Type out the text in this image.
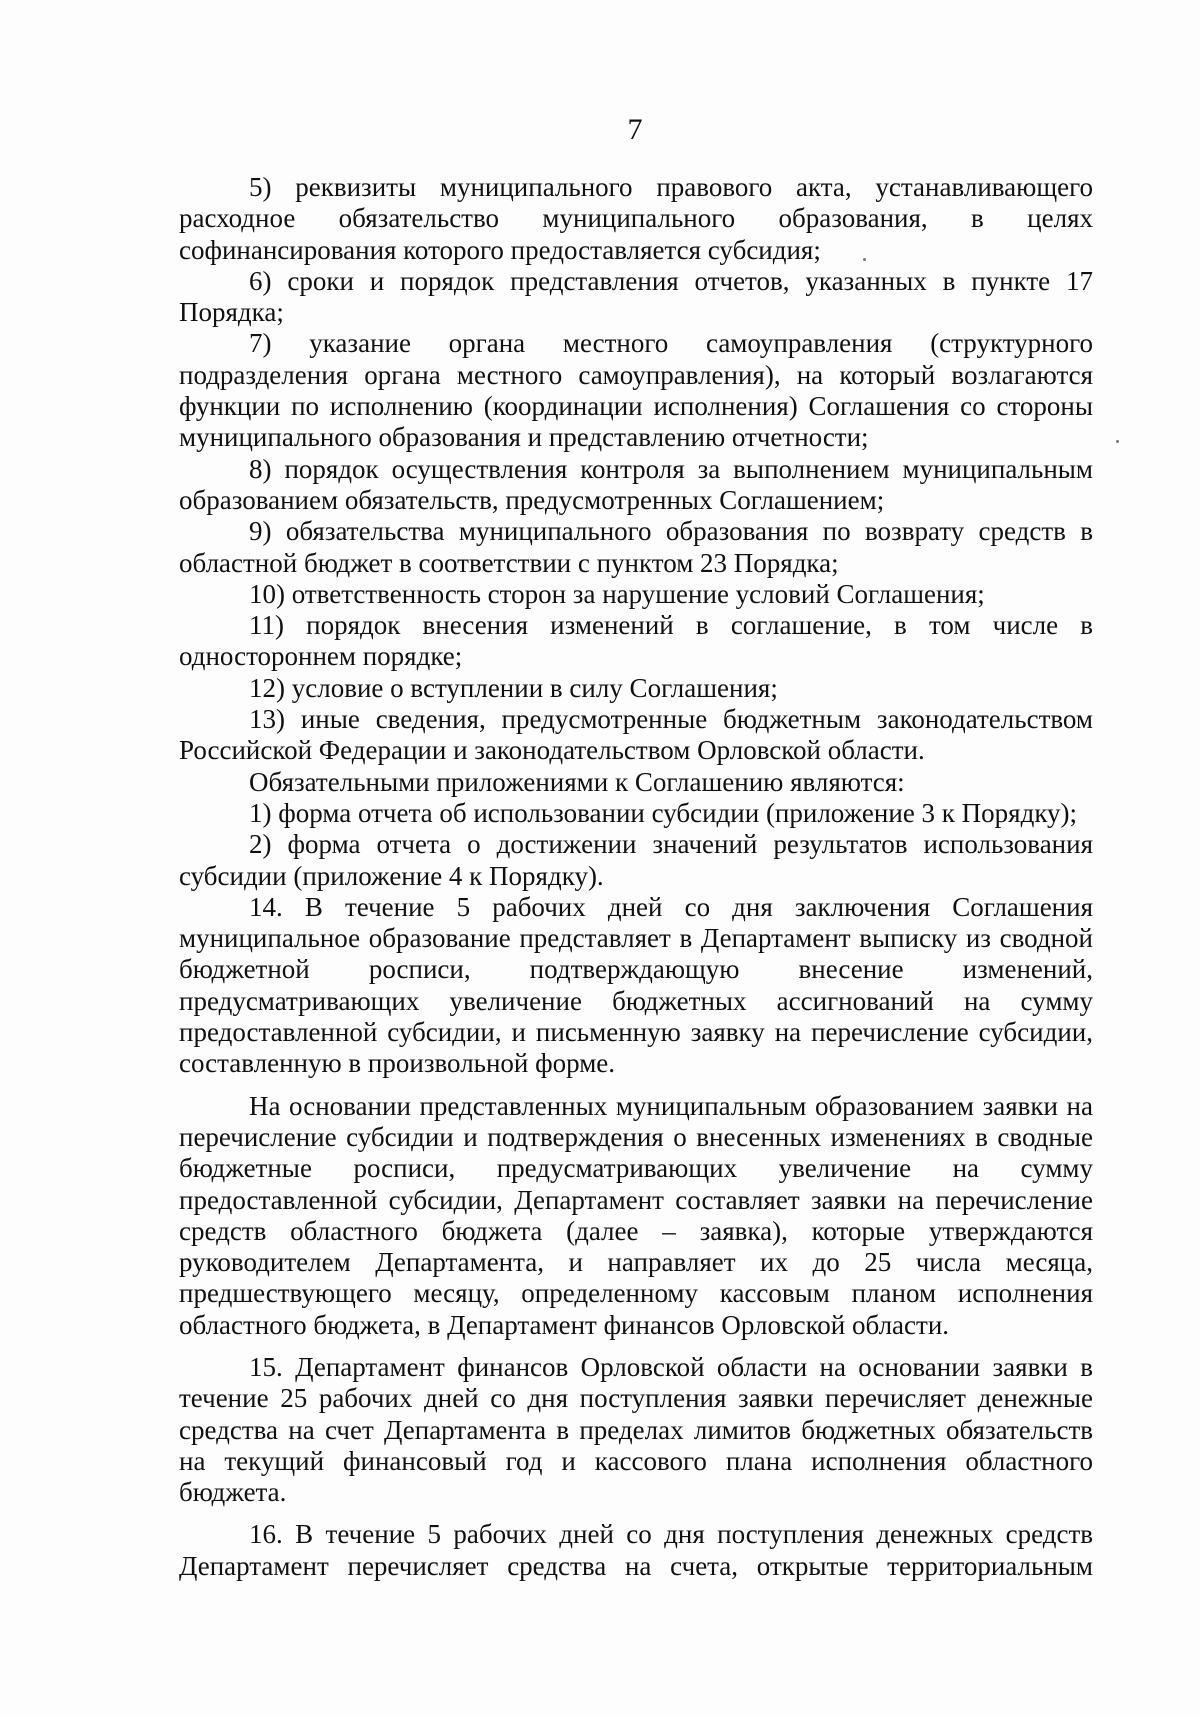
7

5) реквизиты муниципального правового акта, устанавливающего расходное обязательство муниципального образования, в целях софинансирования которого предоставляется субсидия;

6) сроки и порядок представления отчетов, указанных в пункте 17 Порядка;

7) указание органа местного самоуправления (структурного подразделения органа местного самоуправления), на который возлагаются функции по исполнению (координации исполнения) Соглашения со стороны муниципального образования и представлению отчетности;

8) порядок осуществления контроля за выполнением муниципальным образованием обязательств, предусмотренных Соглашением;

9) обязательства муниципального образования по возврату средств в областной бюджет в соответствии с пунктом 23 Порядка;

10) ответственность сторон за нарушение условий Соглашения;

11) порядок внесения изменений в соглашение, в том числе в одностороннем порядке;

12) условие о вступлении в силу Соглашения;

13) иные сведения, предусмотренные бюджетным законодательством Российской Федерации и законодательством Орловской области.

Обязательными приложениями к Соглашению являются:

1) форма отчета об использовании субсидии (приложение 3 к Порядку);

2) форма отчета о достижении значений результатов использования субсидии (приложение 4 к Порядку).

14. В течение 5 рабочих дней со дня заключения Соглашения муниципальное образование представляет в Департамент выписку из сводной бюджетной росписи, подтверждающую внесение изменений, предусматривающих увеличение бюджетных ассигнований на сумму предоставленной субсидии, и письменную заявку на перечисление субсидии, составленную в произвольной форме.

На основании представленных муниципальным образованием заявки на перечисление субсидии и подтверждения о внесенных изменениях в сводные бюджетные росписи, предусматривающих увеличение на сумму предоставленной субсидии, Департамент составляет заявки на перечисление средств областного бюджета (далее – заявка), которые утверждаются руководителем Департамента, и направляет их до 25 числа месяца, предшествующего месяцу, определенному кассовым планом исполнения областного бюджета, в Департамент финансов Орловской области.

15. Департамент финансов Орловской области на основании заявки в течение 25 рабочих дней со дня поступления заявки перечисляет денежные средства на счет Департамента в пределах лимитов бюджетных обязательств на текущий финансовый год и кассового плана исполнения областного бюджета.

16. В течение 5 рабочих дней со дня поступления денежных средств Департамент перечисляет средства на счета, открытые территориальным
